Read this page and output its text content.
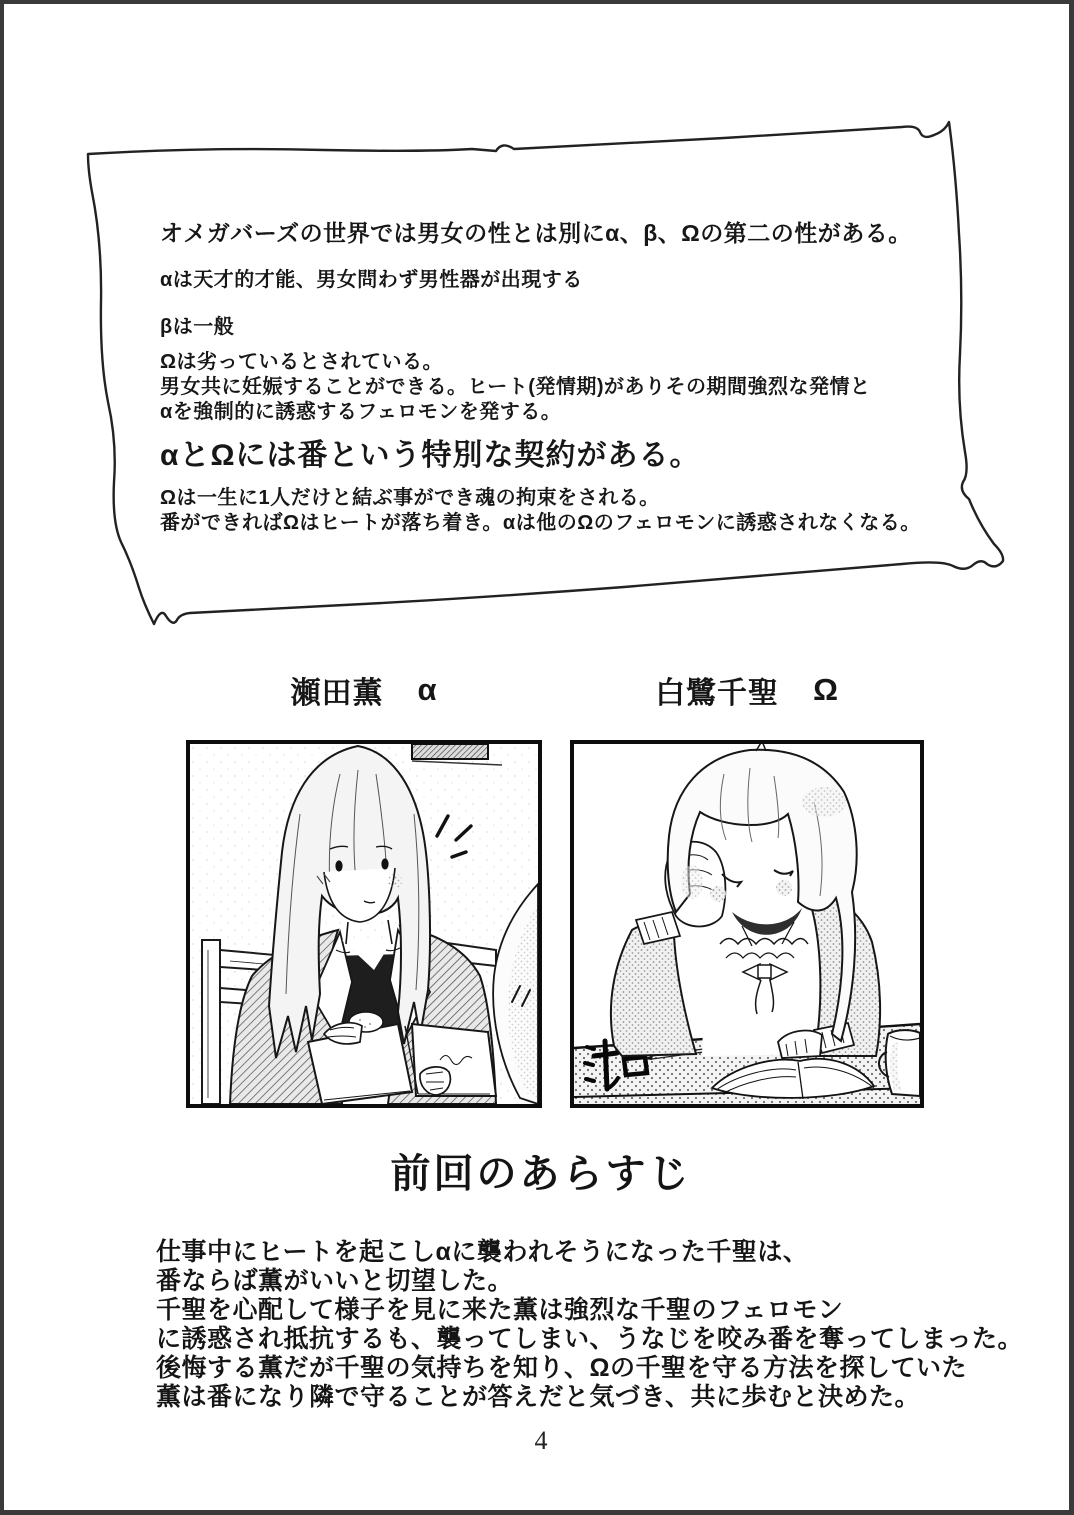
オメガバーズの世界では男女の性とは別にα、β、Ωの第二の性がある。
αは天才的才能、男女問わず男性器が出現する
βは一般
Ωは劣っているとされている。
男女共に妊娠することができる。ヒート(発情期)がありその期間強烈な発情と
αを強制的に誘惑するフェロモンを発する。
αとΩには番という特別な契約がある。
Ωは一生に1人だけと結ぶ事ができ魂の拘束をされる。
番ができればΩはヒートが落ち着き。αは他のΩのフェロモンに誘惑されなくなる。
瀬田薫 α	白鷺千聖 Ω
前回のあらすじ
仕事中にヒートを起こしαに襲われそうになった千聖は、
番ならば薫がいいと切望した。
千聖を心配して様子を見に来た薫は強烈な千聖のフェロモン
に誘惑され抵抗するも、襲ってしまい、うなじを咬み番を奪ってしまった。
後悔する薫だが千聖の気持ちを知り、Ωの千聖を守る方法を探していた
薫は番になり隣で守ることが答えだと気づき、共に歩むと決めた。
4
